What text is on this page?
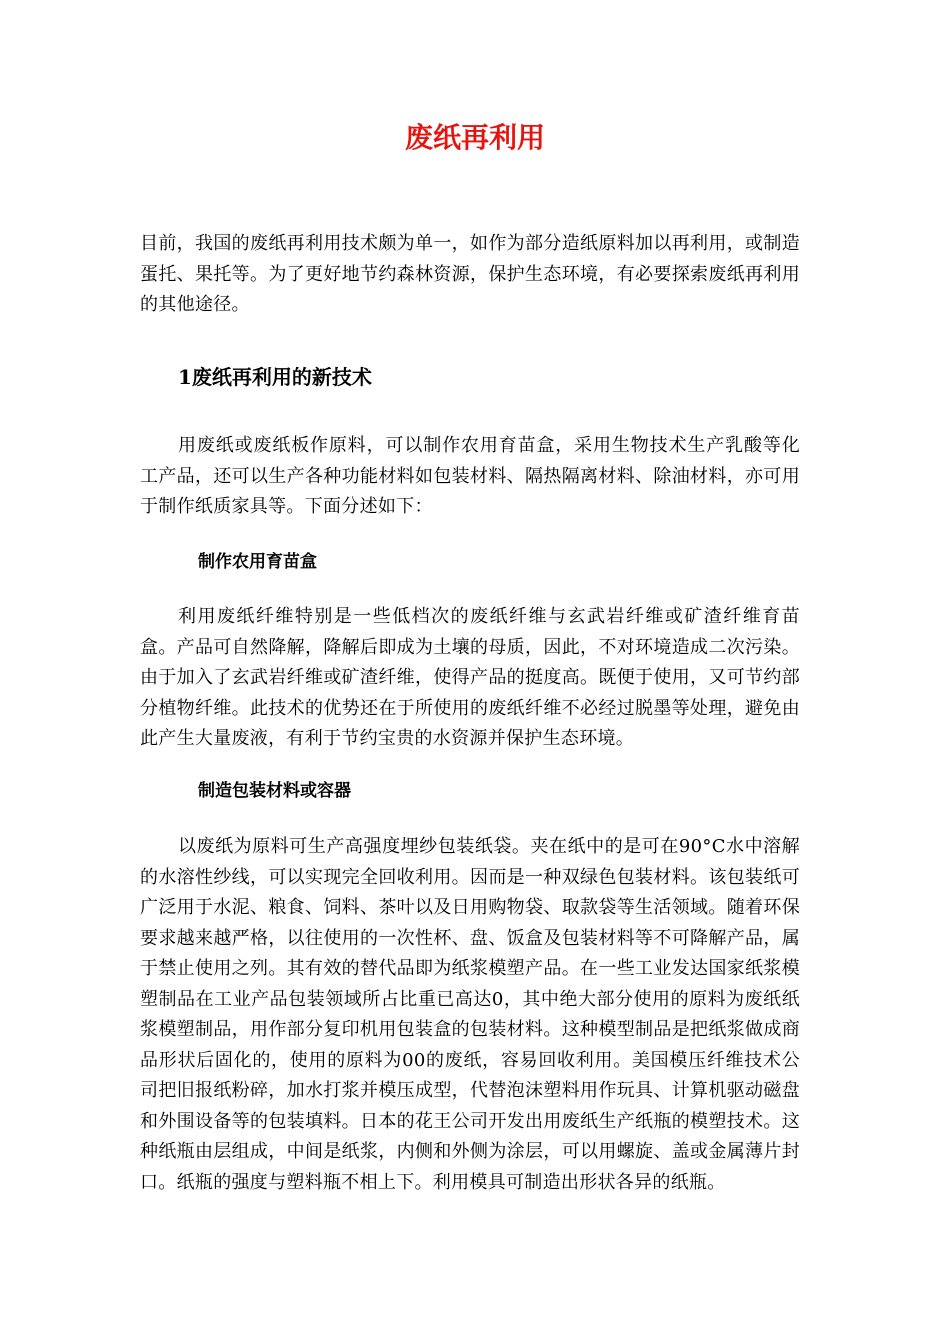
废纸再利用

目前，我国的废纸再利用技术颇为单一，如作为部分造纸原料加以再利用，或制造蛋托、果托等。为了更好地节约森林资源，保护生态环境，有必要探索废纸再利用的其他途径。

1废纸再利用的新技术

用废纸或废纸板作原料，可以制作农用育苗盒，采用生物技术生产乳酸等化工产品，还可以生产各种功能材料如包装材料、隔热隔离材料、除油材料，亦可用于制作纸质家具等。下面分述如下：

制作农用育苗盒

利用废纸纤维特别是一些低档次的废纸纤维与玄武岩纤维或矿渣纤维育苗盒。产品可自然降解，降解后即成为土壤的母质，因此，不对环境造成二次污染。由于加入了玄武岩纤维或矿渣纤维，使得产品的挺度高。既便于使用，又可节约部分植物纤维。此技术的优势还在于所使用的废纸纤维不必经过脱墨等处理，避免由此产生大量废液，有利于节约宝贵的水资源并保护生态环境。

制造包装材料或容器

以废纸为原料可生产高强度埋纱包装纸袋。夹在纸中的是可在90°C水中溶解的水溶性纱线，可以实现完全回收利用。因而是一种双绿色包装材料。该包装纸可广泛用于水泥、粮食、饲料、茶叶以及日用购物袋、取款袋等生活领域。随着环保要求越来越严格，以往使用的一次性杯、盘、饭盒及包装材料等不可降解产品，属于禁止使用之列。其有效的替代品即为纸浆模塑产品。在一些工业发达国家纸浆模塑制品在工业产品包装领域所占比重已高达0，其中绝大部分使用的原料为废纸纸浆模塑制品，用作部分复印机用包装盒的包装材料。这种模型制品是把纸浆做成商品形状后固化的，使用的原料为00的废纸，容易回收利用。美国模压纤维技术公司把旧报纸粉碎，加水打浆并模压成型，代替泡沫塑料用作玩具、计算机驱动磁盘和外围设备等的包装填料。日本的花王公司开发出用废纸生产纸瓶的模塑技术。这种纸瓶由层组成，中间是纸浆，内侧和外侧为涂层，可以用螺旋、盖或金属薄片封口。纸瓶的强度与塑料瓶不相上下。利用模具可制造出形状各异的纸瓶。
